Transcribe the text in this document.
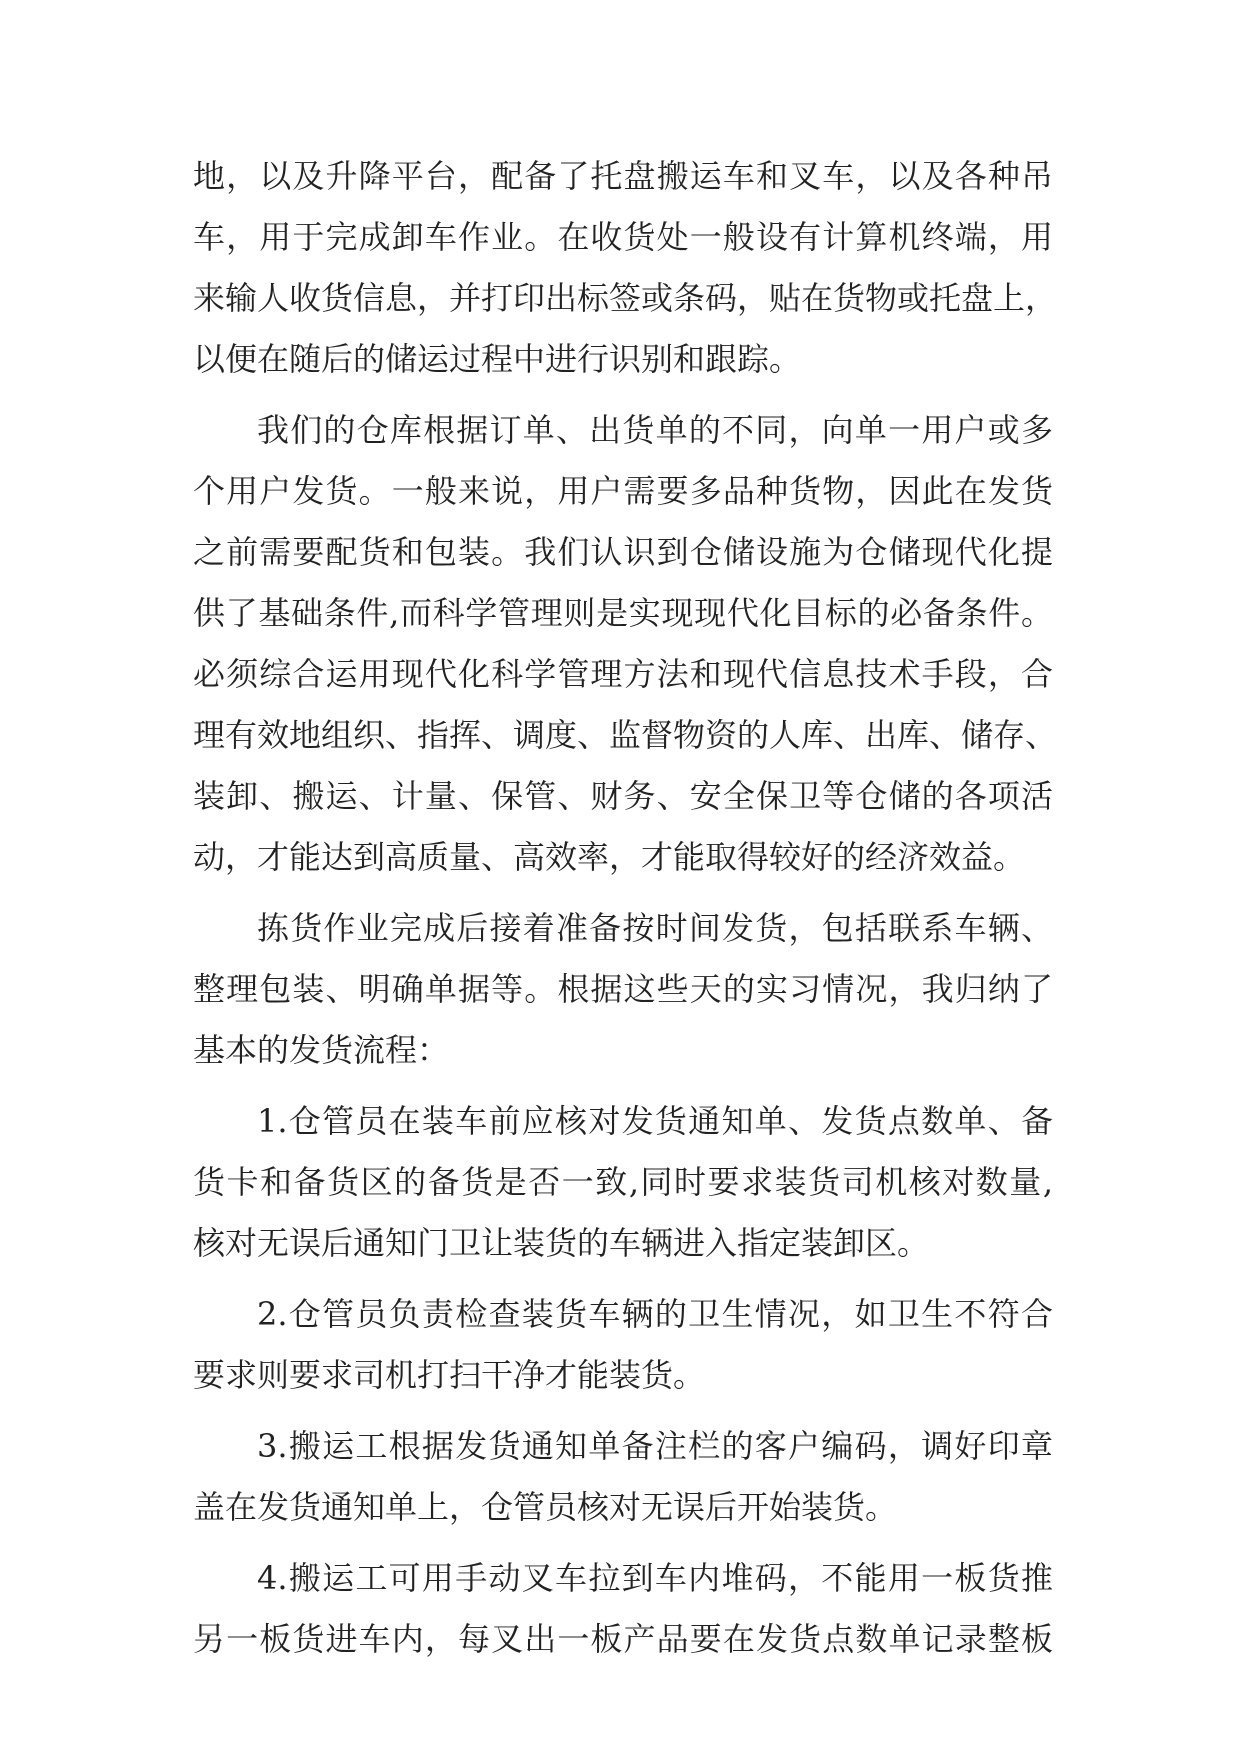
地，以及升降平台，配备了托盘搬运车和叉车，以及各种吊
车，用于完成卸车作业。在收货处一般设有计算机终端，用
来输人收货信息，并打印出标签或条码，贴在货物或托盘上，
以便在随后的储运过程中进行识别和跟踪。
我们的仓库根据订单、出货单的不同，向单一用户或多
个用户发货。一般来说，用户需要多品种货物，因此在发货
之前需要配货和包装。我们认识到仓储设施为仓储现代化提
供了基础条件,而科学管理则是实现现代化目标的必备条件。
必须综合运用现代化科学管理方法和现代信息技术手段，合
理有效地组织、指挥、调度、监督物资的人库、出库、储存、
装卸、搬运、计量、保管、财务、安全保卫等仓储的各项活
动，才能达到高质量、高效率，才能取得较好的经济效益。
拣货作业完成后接着准备按时间发货，包括联系车辆、
整理包装、明确单据等。根据这些天的实习情况，我归纳了
基本的发货流程：
1.仓管员在装车前应核对发货通知单、发货点数单、备
货卡和备货区的备货是否一致,同时要求装货司机核对数量,
核对无误后通知门卫让装货的车辆进入指定装卸区。
2.仓管员负责检查装货车辆的卫生情况，如卫生不符合
要求则要求司机打扫干净才能装货。
3.搬运工根据发货通知单备注栏的客户编码，调好印章
盖在发货通知单上，仓管员核对无误后开始装货。
4.搬运工可用手动叉车拉到车内堆码，不能用一板货推
另一板货进车内，每叉出一板产品要在发货点数单记录整板
